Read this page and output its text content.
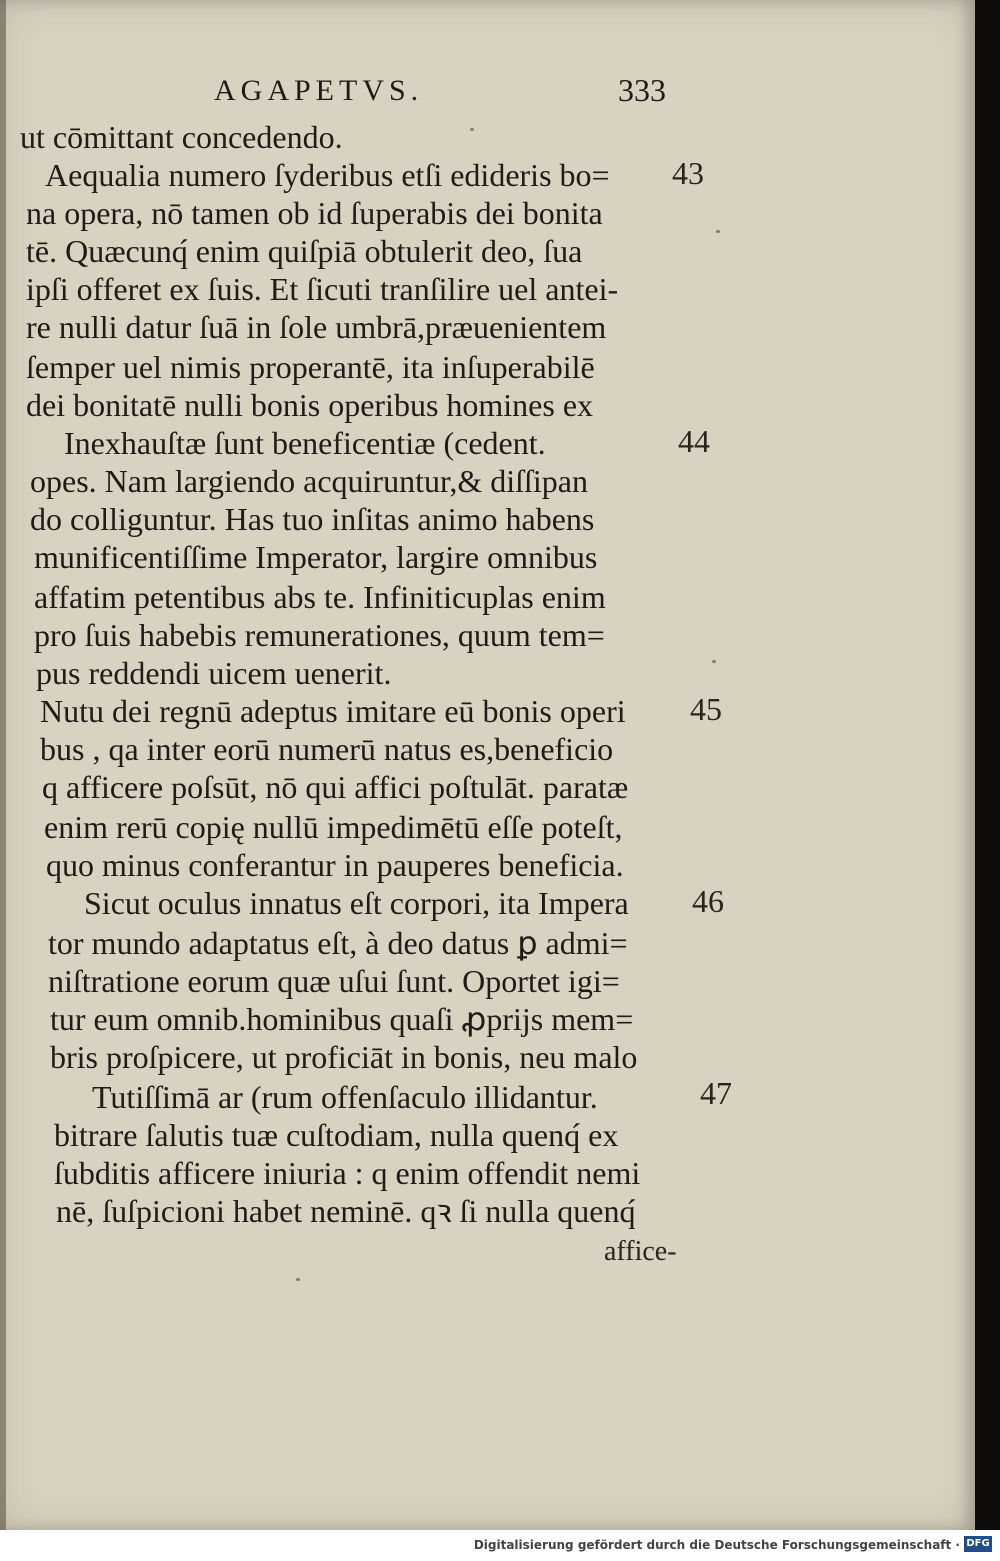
AGAPETVS.	333
ut cōmittant concedendo.
Aequalia numero ſyderibus etſi edideris bo=
na opera, nō tamen ob id ſuperabis dei bonita
tē. Quæcunq́ enim quiſpiā obtulerit deo, ſua
ipſi offeret ex ſuis. Et ſicuti tranſilire uel antei-
re nulli datur ſuā in ſole umbrā,præuenientem
ſemper uel nimis properantē, ita inſuperabilē
dei bonitatē nulli bonis operibus homines ex
Inexhauſtæ ſunt beneficentiæ (cedent.
opes. Nam largiendo acquiruntur,& diſſipan
do colliguntur. Has tuo inſitas animo habens
munificentiſſime Imperator, largire omnibus
affatim petentibus abs te. Infiniticuplas enim
pro ſuis habebis remunerationes, quum tem=
pus reddendi uicem uenerit.
Nutu dei regnū adeptus imitare eū bonis operi
bus , qa inter eorū numerū natus es,beneficio
q afficere poſsūt, nō qui affici poſtulāt. paratæ
enim rerū copię nullū impedimētū eſſe poteſt,
quo minus conferantur in pauperes beneficia.
Sicut oculus innatus eſt corpori, ita Impera
tor mundo adaptatus eſt, à deo datus ꝑ admi=
niſtratione eorum quæ uſui ſunt. Oportet igi=
tur eum omnib.hominibus quaſi ꝓprijs mem=
bris proſpicere, ut proficiāt in bonis, neu malo
Tutiſſimā ar (rum offenſaculo illidantur.
bitrare ſalutis tuæ cuſtodiam, nulla quenq́ ex
ſubditis afficere iniuria : q enim offendit nemi
nē, ſuſpicioni habet neminē. qꝛ ſi nulla quenq́
43
44
45
46
47
affice-
Digitalisierung gefördert durch die Deutsche Forschungsgemeinschaft · DFG
